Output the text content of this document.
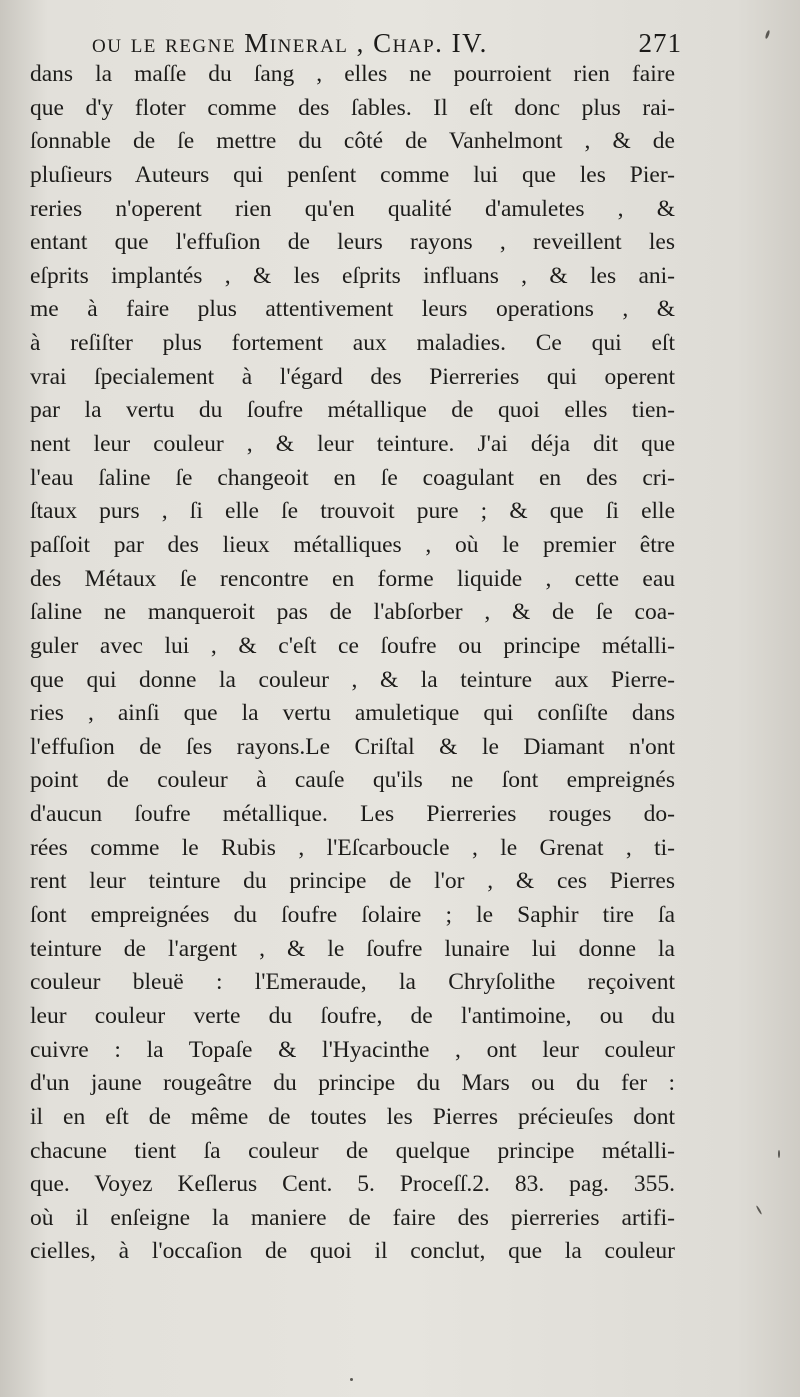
ou le regne Mineral , Chap. IV.	271
dans la maſſe du ſang , elles ne pourroient rien faire
que d'y floter comme des ſables. Il eſt donc plus rai-
ſonnable de ſe mettre du côté de Vanhelmont , & de
pluſieurs Auteurs qui penſent comme lui que les Pier-
reries n'operent rien qu'en qualité d'amuletes , &
entant que l'effuſion de leurs rayons , reveillent les
eſprits implantés , & les eſprits influans , & les ani-
me à faire plus attentivement leurs operations , &
à reſiſter plus fortement aux maladies. Ce qui eſt
vrai ſpecialement à l'égard des Pierreries qui operent
par la vertu du ſoufre métallique de quoi elles tien-
nent leur couleur , & leur teinture. J'ai déja dit que
l'eau ſaline ſe changeoit en ſe coagulant en des cri-
ſtaux purs , ſi elle ſe trouvoit pure ; & que ſi elle
paſſoit par des lieux métalliques , où le premier être
des Métaux ſe rencontre en forme liquide , cette eau
ſaline ne manqueroit pas de l'abſorber , & de ſe coa-
guler avec lui , & c'eſt ce ſoufre ou principe métalli-
que qui donne la couleur , & la teinture aux Pierre-
ries , ainſi que la vertu amuletique qui conſiſte dans
l'effuſion de ſes rayons.Le Criſtal & le Diamant n'ont
point de couleur à cauſe qu'ils ne ſont empreignés
d'aucun ſoufre métallique. Les Pierreries rouges do-
rées comme le Rubis , l'Eſcarboucle , le Grenat , ti-
rent leur teinture du principe de l'or , & ces Pierres
ſont empreignées du ſoufre ſolaire ; le Saphir tire ſa
teinture de l'argent , & le ſoufre lunaire lui donne la
couleur bleuë : l'Emeraude, la Chryſolithe reçoivent
leur couleur verte du ſoufre, de l'antimoine, ou du
cuivre : la Topaſe & l'Hyacinthe , ont leur couleur
d'un jaune rougeâtre du principe du Mars ou du fer :
il en eſt de même de toutes les Pierres précieuſes dont
chacune tient ſa couleur de quelque principe métalli-
que. Voyez Keſlerus Cent. 5. Proceſſ.2. 83. pag. 355.
où il enſeigne la maniere de faire des pierreries artifi-
cielles, à l'occaſion de quoi il conclut, que la couleur
